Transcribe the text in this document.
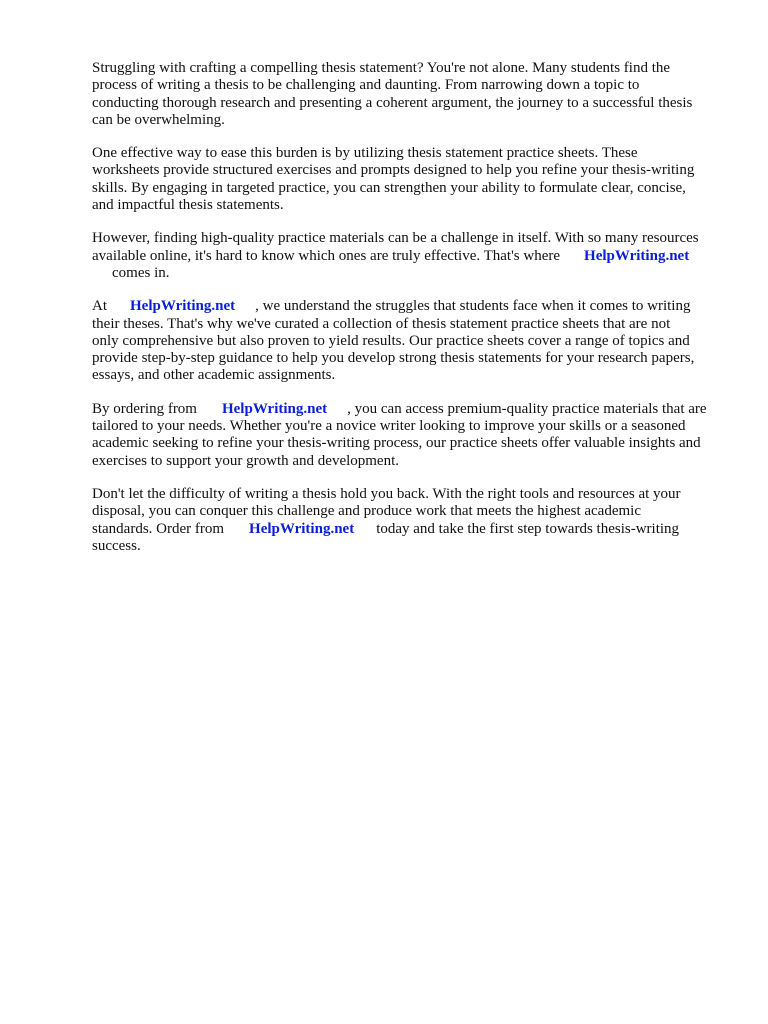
Struggling with crafting a compelling thesis statement? You're not alone. Many students find the
process of writing a thesis to be challenging and daunting. From narrowing down a topic to
conducting thorough research and presenting a coherent argument, the journey to a successful thesis
can be overwhelming.
One effective way to ease this burden is by utilizing thesis statement practice sheets. These
worksheets provide structured exercises and prompts designed to help you refine your thesis-writing
skills. By engaging in targeted practice, you can strengthen your ability to formulate clear, concise,
and impactful thesis statements.
However, finding high-quality practice materials can be a challenge in itself. With so many resources
available online, it's hard to know which ones are truly effective. That's where HelpWriting.net
comes in.
At HelpWriting.net , we understand the struggles that students face when it comes to writing
their theses. That's why we've curated a collection of thesis statement practice sheets that are not
only comprehensive but also proven to yield results. Our practice sheets cover a range of topics and
provide step-by-step guidance to help you develop strong thesis statements for your research papers,
essays, and other academic assignments.
By ordering from HelpWriting.net , you can access premium-quality practice materials that are
tailored to your needs. Whether you're a novice writer looking to improve your skills or a seasoned
academic seeking to refine your thesis-writing process, our practice sheets offer valuable insights and
exercises to support your growth and development.
Don't let the difficulty of writing a thesis hold you back. With the right tools and resources at your
disposal, you can conquer this challenge and produce work that meets the highest academic
standards. Order from HelpWriting.net today and take the first step towards thesis-writing
success.
